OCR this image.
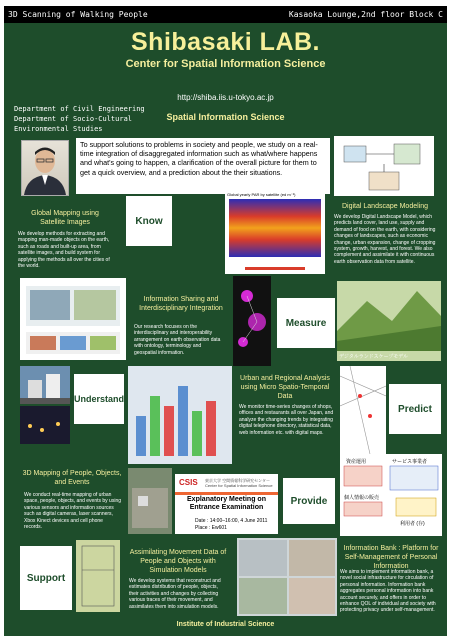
3D Scanning of Walking People	Kasaoka Lounge,2nd floor Block C
Shibasaki LAB.
Center for Spatial Information Science
http://shiba.iis.u-tokyo.ac.jp
Spatial Information Science
Department of Civil Engineering
Department of Socio-Cultural
Environmental Studies
To support solutions to problems in society and people, we study on a real-time integration of disaggregated information such as what/where happens and what's going to happen, a clarification of the overall picture for them to get a quick overview, and a prediction about the their situations.
Global Mapping using Satellite Images
We develop methods for extracting and mapping man-made objects on the earth, such as roads and built-up area, from satellite images, and build system for applying the methods all over the cities of the world.
Know
Global yearly PAR by satellite (ed m⁻²)
Digital Landscape Modeling
We develop Digital Landscape Model, which predicts land cover, land use, supply and demand of food on the earth, with considering changes of landscapes, such as economic change, urban expansion, change of cropping system, growth, harvest, and forest. We also complement and assimilate it with continuous earth observation data from satellite.
Information Sharing and Interdisciplinary Integration
Our research focuses on the interdisciplinary and interoperability arrangement on earth observation data with ontology, terminology and geospatial information.
Measure
デジタルランドスケープモデル
Understand
Urban and Regional Analysis using Micro Spatio-Temporal Data
We monitor time-series changes of shops, offices and restaurants all over Japan, and analyze the changing trends by integrating digital telephone directory, statistical data, web information etc. with digital maps.
Predict
3D Mapping of People, Objects, and Events
We conduct real-time mapping of urban space, people, objects, and events by using various sensors and information sources such as digital cameras, laser scanners, Xbox Kinect devices and cell phone records.
CSIS 東京大学 空間情報科学研究センター Center for Spatial Information Science
Explanatory Meeting on Entrance Examination
Date : 14:00–16:00, 4 June 2011
Place : Ew601
Provide
資産運用	サービス事業者
個人情報の販売
利用者 (存)
Support
Assimilating Movement Data of People and Objects with Simulation Models
We develop systems that reconstruct and estimates distribution of people, objects, their activities and changes by collecting various traces of their movement, and assimilates them into simulation models.
Information Bank : Platform for Self-Management of Personal Information
We aims to implement information bank, a novel social infrastructure for circulation of personal information. Information bank aggregates personal information into bank account securely, and offers in order to enhance QOL of individual and society with protecting privacy under self-management.
Institute of Industrial Science
